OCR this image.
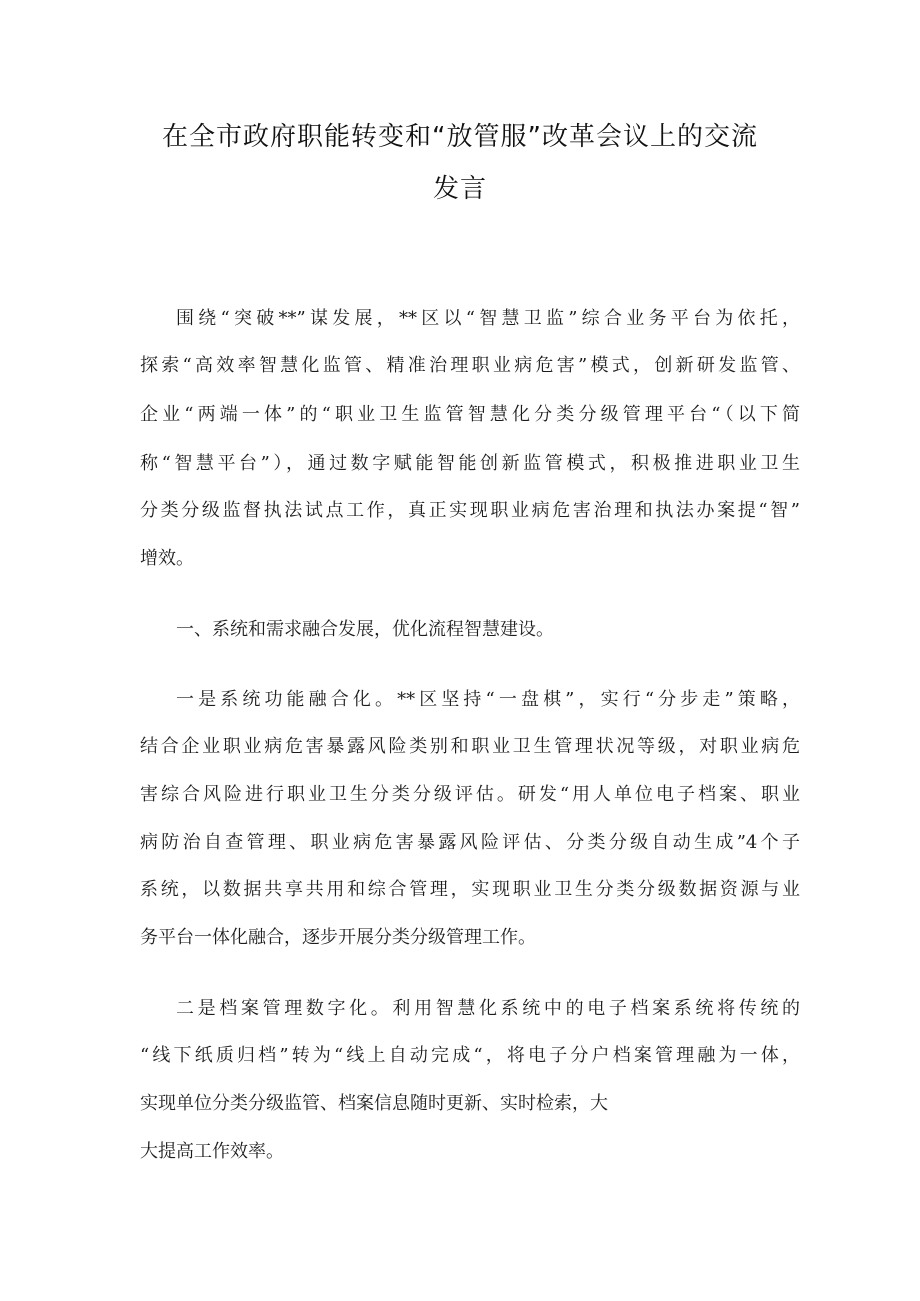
在全市政府职能转变和“放管服”改革会议上的交流
发言
围绕“突破**”谋发展，**区以“智慧卫监”综合业务平台为依托，
探索“高效率智慧化监管、精准治理职业病危害”模式，创新研发监管、
企业“两端一体”的“职业卫生监管智慧化分类分级管理平台“（以下简
称“智慧平台”），通过数字赋能智能创新监管模式，积极推进职业卫生
分类分级监督执法试点工作，真正实现职业病危害治理和执法办案提“智”
增效。
一、系统和需求融合发展，优化流程智慧建设。
一是系统功能融合化。**区坚持“一盘棋”，实行“分步走”策略，
结合企业职业病危害暴露风险类别和职业卫生管理状况等级，对职业病危
害综合风险进行职业卫生分类分级评估。研发“用人单位电子档案、职业
病防治自查管理、职业病危害暴露风险评估、分类分级自动生成”4个子
系统，以数据共享共用和综合管理，实现职业卫生分类分级数据资源与业
务平台一体化融合，逐步开展分类分级管理工作。
二是档案管理数字化。利用智慧化系统中的电子档案系统将传统的
“线下纸质归档”转为“线上自动完成“，将电子分户档案管理融为一体，
实现单位分类分级监管、档案信息随时更新、实时检索，大
大提高工作效率。
